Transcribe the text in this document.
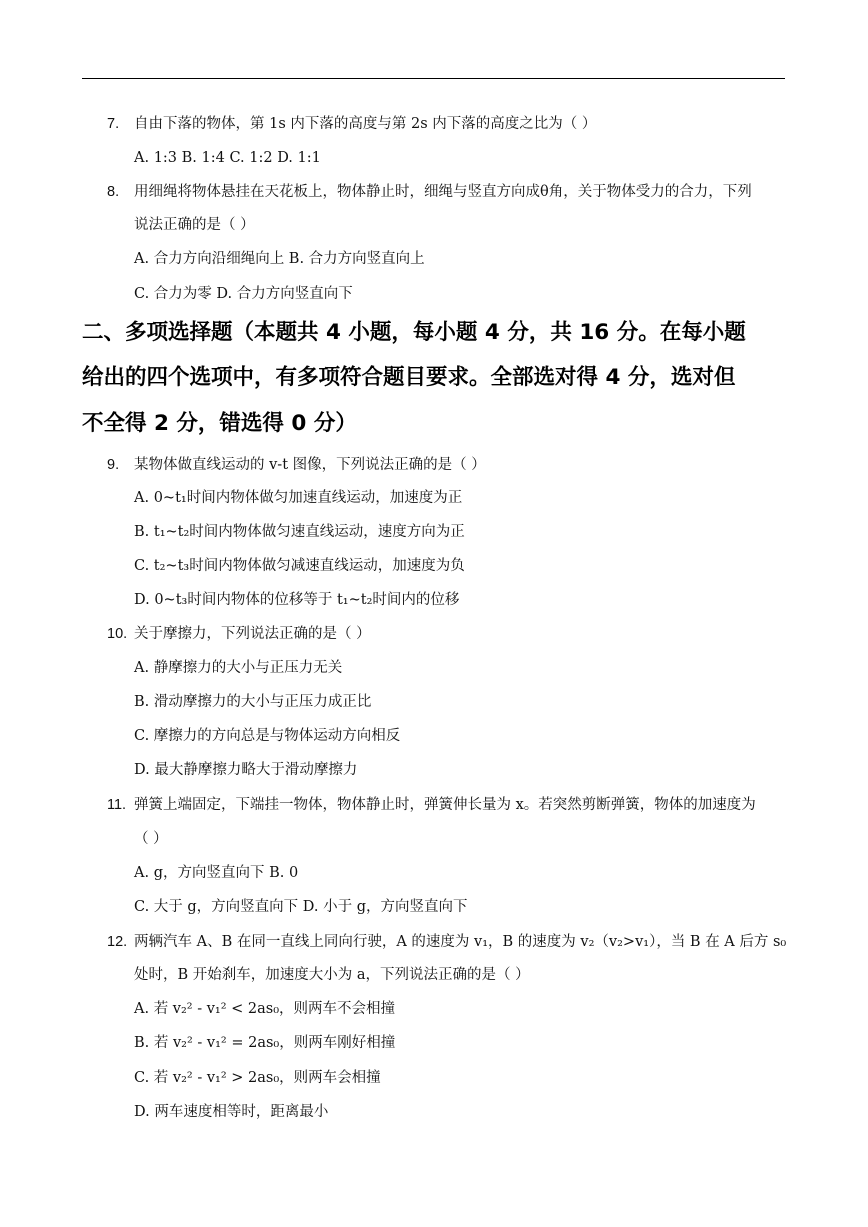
7. 自由下落的物体，第 1s 内下落的高度与第 2s 内下落的高度之比为（ ）
A. 1:3 B. 1:4 C. 1:2 D. 1:1
8. 用细绳将物体悬挂在天花板上，物体静止时，细绳与竖直方向成θ角，关于物体受力的合力，下列
说法正确的是（ ）
A. 合力方向沿细绳向上 B. 合力方向竖直向上
C. 合力为零 D. 合力方向竖直向下
二、多项选择题（本题共 4 小题，每小题 4 分，共 16 分。在每小题
给出的四个选项中，有多项符合题目要求。全部选对得 4 分，选对但
不全得 2 分，错选得 0 分）
9. 某物体做直线运动的 v-t 图像，下列说法正确的是（ ）
A. 0~t₁时间内物体做匀加速直线运动，加速度为正
B. t₁~t₂时间内物体做匀速直线运动，速度方向为正
C. t₂~t₃时间内物体做匀减速直线运动，加速度为负
D. 0~t₃时间内物体的位移等于 t₁~t₂时间内的位移
10. 关于摩擦力，下列说法正确的是（ ）
A. 静摩擦力的大小与正压力无关
B. 滑动摩擦力的大小与正压力成正比
C. 摩擦力的方向总是与物体运动方向相反
D. 最大静摩擦力略大于滑动摩擦力
11. 弹簧上端固定，下端挂一物体，物体静止时，弹簧伸长量为 x。若突然剪断弹簧，物体的加速度为
（ ）
A. g，方向竖直向下 B. 0
C. 大于 g，方向竖直向下 D. 小于 g，方向竖直向下
12. 两辆汽车 A、B 在同一直线上同向行驶，A 的速度为 v₁，B 的速度为 v₂（v₂>v₁），当 B 在 A 后方 s₀
处时，B 开始刹车，加速度大小为 a，下列说法正确的是（ ）
A. 若 v₂² - v₁² < 2as₀，则两车不会相撞
B. 若 v₂² - v₁² = 2as₀，则两车刚好相撞
C. 若 v₂² - v₁² > 2as₀，则两车会相撞
D. 两车速度相等时，距离最小
